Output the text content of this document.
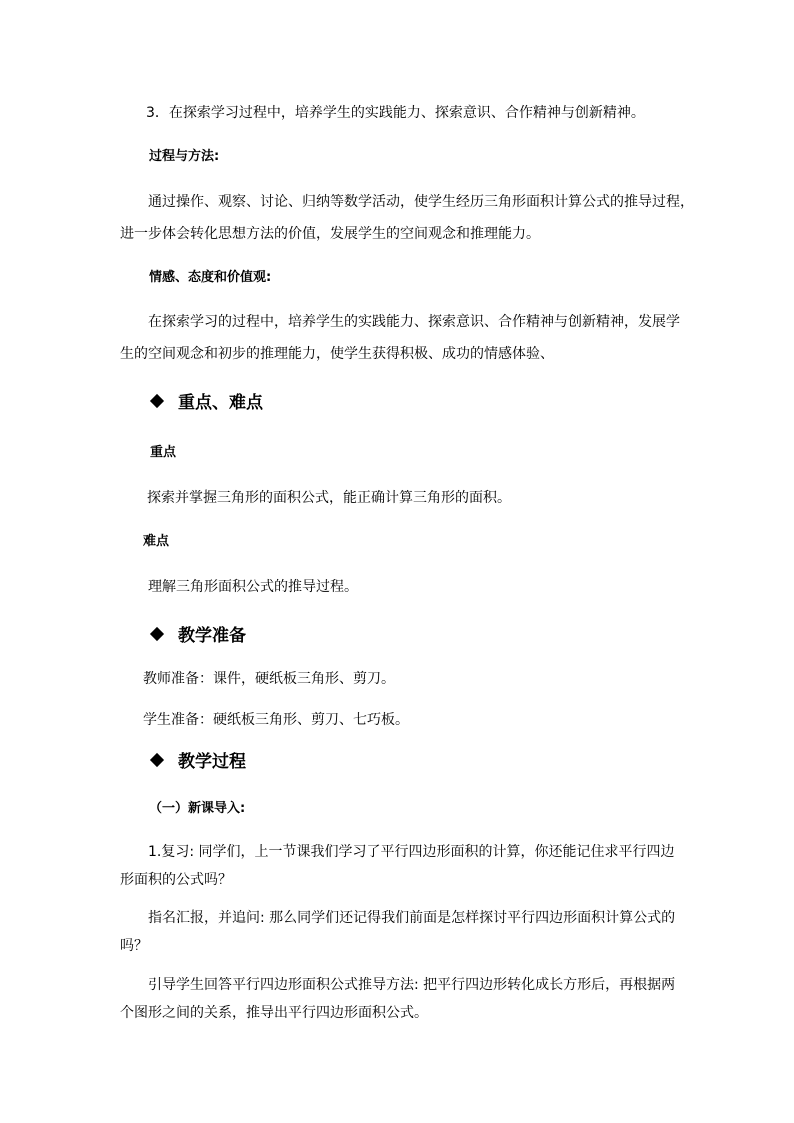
3．在探索学习过程中，培养学生的实践能力、探索意识、合作精神与创新精神。
过程与方法:
通过操作、观察、讨论、归纳等数学活动，使学生经历三角形面积计算公式的推导过程，
进一步体会转化思想方法的价值，发展学生的空间观念和推理能力。
情感、态度和价值观:
在探索学习的过程中，培养学生的实践能力、探索意识、合作精神与创新精神，发展学
生的空间观念和初步的推理能力，使学生获得积极、成功的情感体验、
重点、难点
重点
探索并掌握三角形的面积公式，能正确计算三角形的面积。
难点
理解三角形面积公式的推导过程。
教学准备
教师准备：课件，硬纸板三角形、剪刀。
学生准备：硬纸板三角形、剪刀、七巧板。
教学过程
（一）新课导入:
1.复习: 同学们，上一节课我们学习了平行四边形面积的计算，你还能记住求平行四边
形面积的公式吗？
指名汇报，并追问: 那么同学们还记得我们前面是怎样探讨平行四边形面积计算公式的
吗？
引导学生回答平行四边形面积公式推导方法: 把平行四边形转化成长方形后，再根据两
个图形之间的关系，推导出平行四边形面积公式。
